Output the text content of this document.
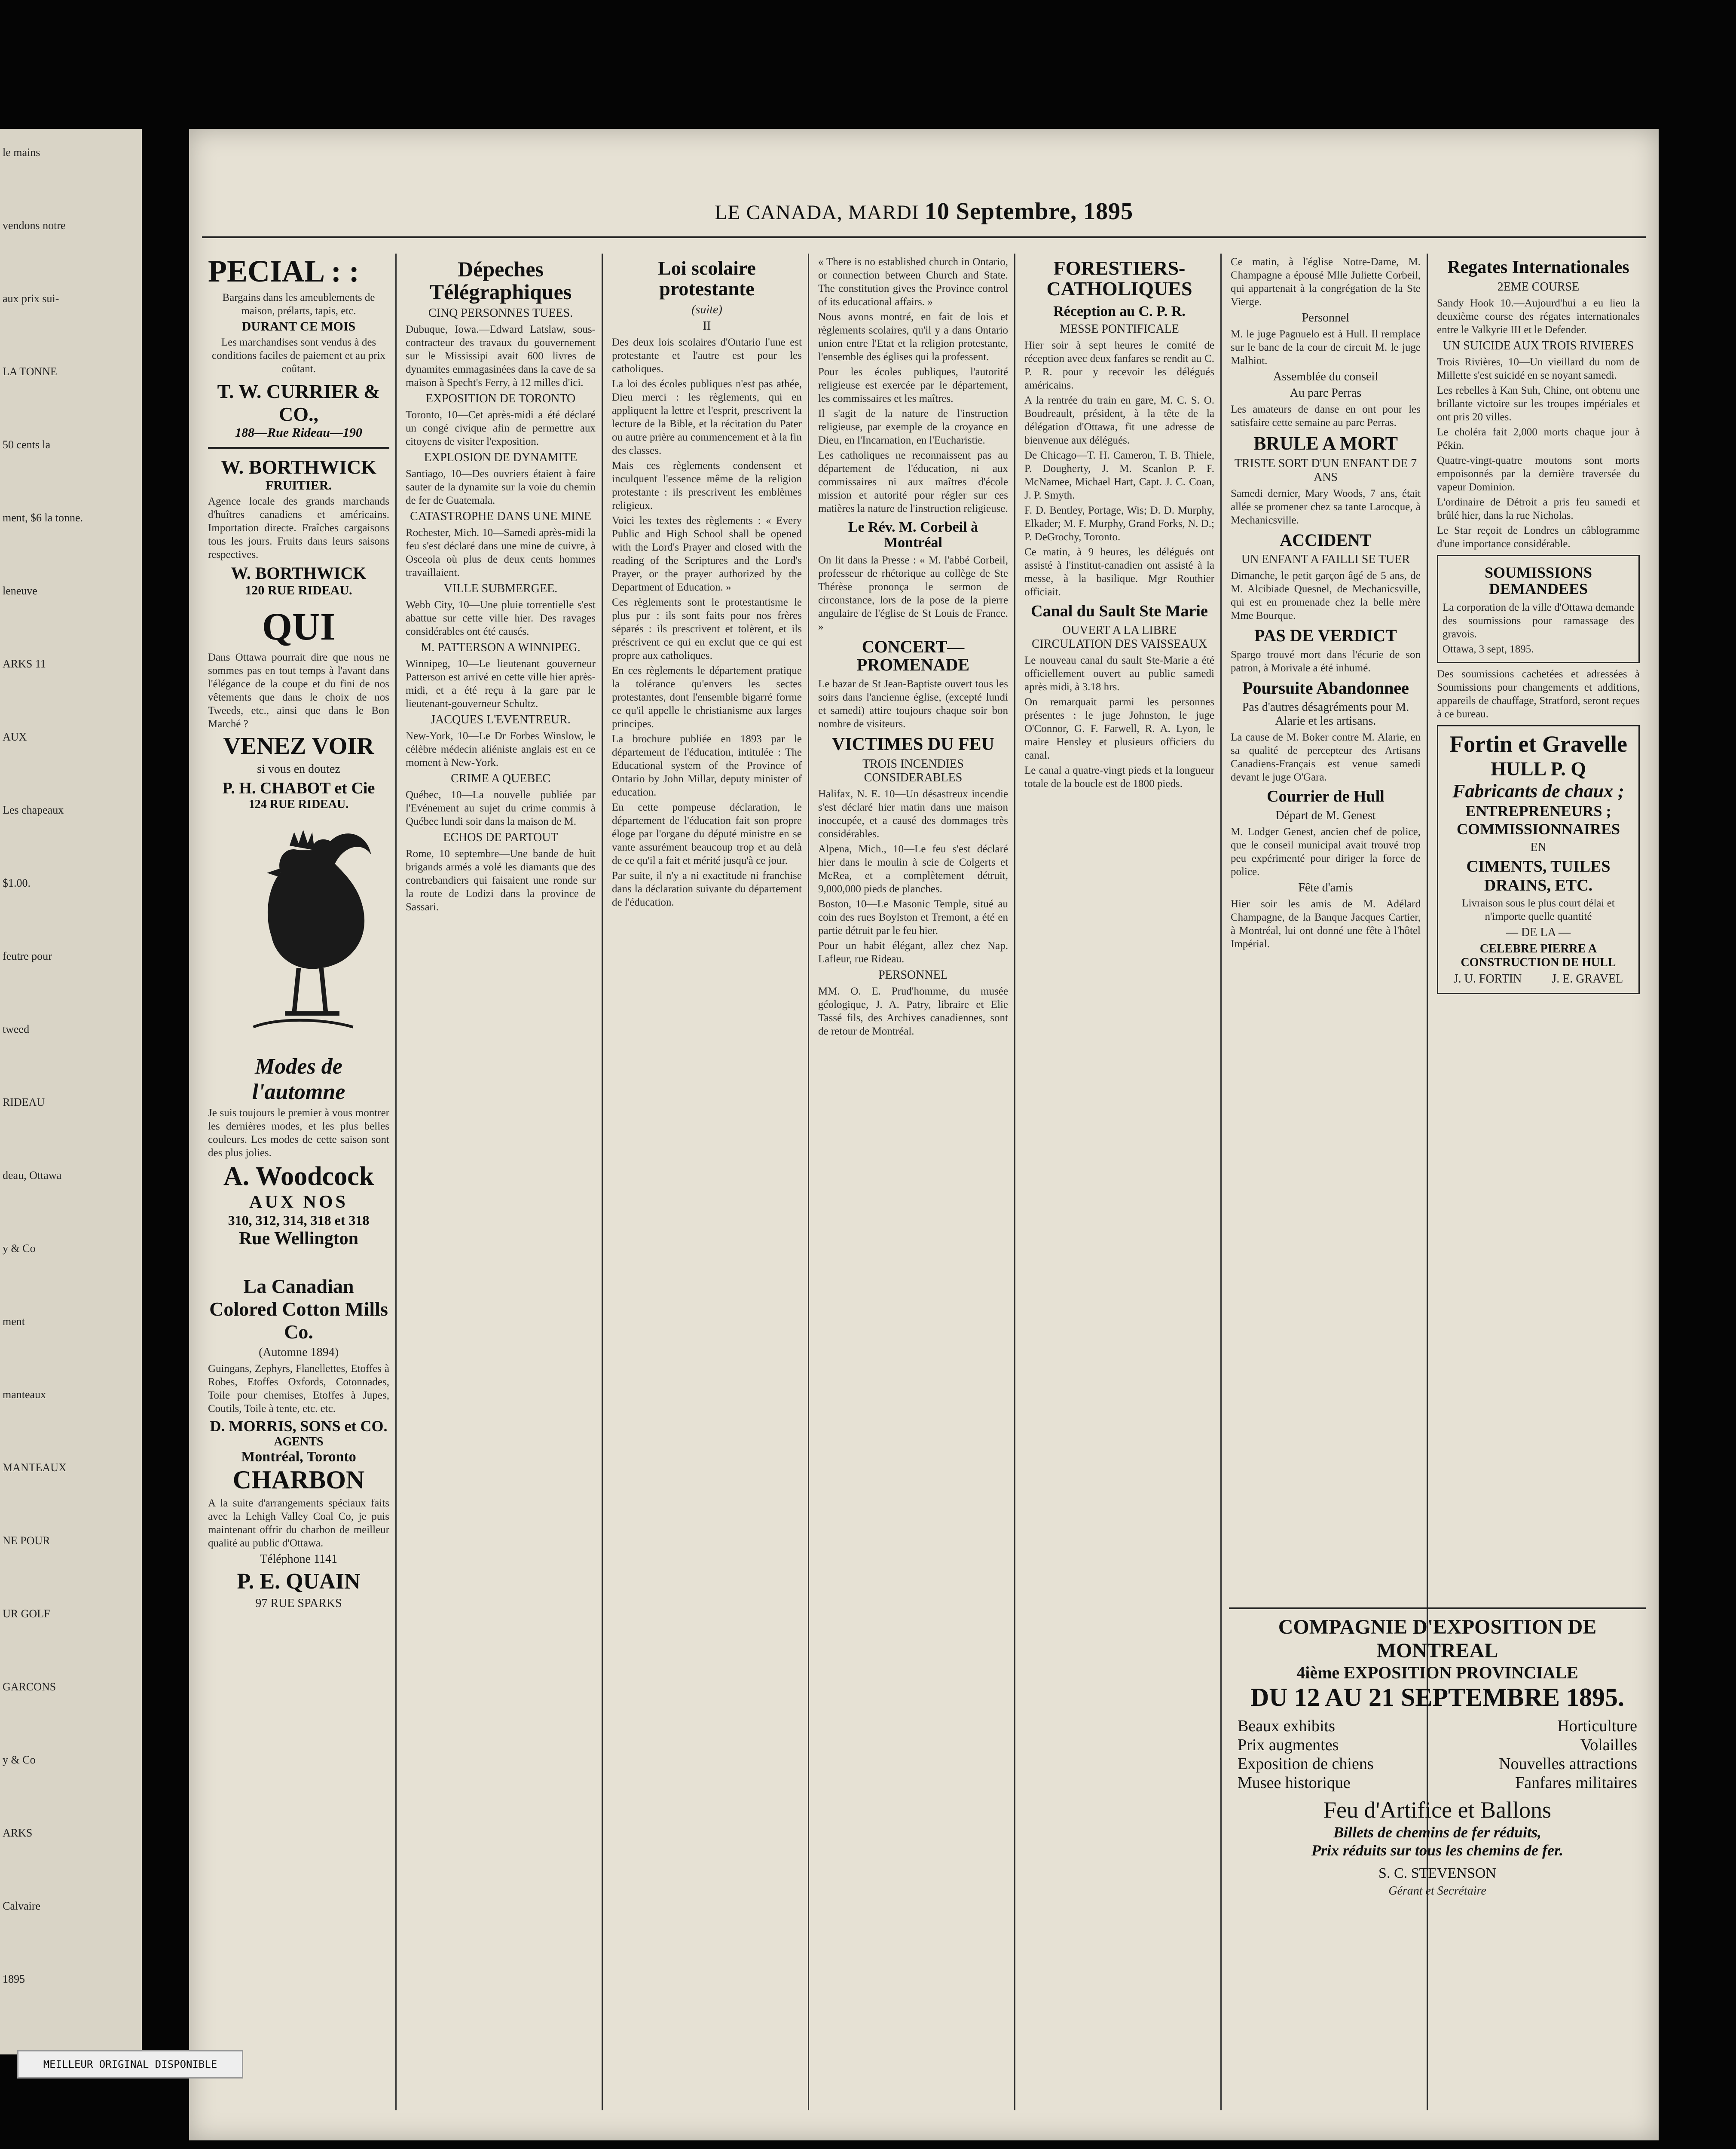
le mains
vendons notre
aux prix sui-
LA TONNE
50 cents la
ment, $6 la tonne.
leneuve
ARKS 11
AUX
Les chapeaux
$1.00.
feutre pour
tweed
RIDEAU
deau, Ottawa
y & Co
ment
manteaux
MANTEAUX
NE POUR
UR GOLF
GARCONS
y & Co
ARKS
Calvaire
1895
LE CANADA, MARDI 10 Septembre, 1895
PECIAL : :
Bargains dans les ameublements de maison, prélarts, tapis, etc.
DURANT CE MOIS
Les marchandises sont vendus à des conditions faciles de paiement et au prix coûtant.
T. W. CURRIER & CO.,
188—Rue Rideau—190
W. BORTHWICK
FRUITIER.
Agence locale des grands marchands d'huîtres canadiens et américains. Importation directe. Fraîches cargaisons tous les jours. Fruits dans leurs saisons respectives.
W. BORTHWICK
120 RUE RIDEAU.
QUI
Dans Ottawa pourrait dire que nous ne sommes pas en tout temps à l'avant dans l'élégance de la coupe et du fini de nos vêtements que dans le choix de nos Tweeds, etc., ainsi que dans le Bon Marché ?
VENEZ VOIR
si vous en doutez
P. H. CHABOT et Cie
124 RUE RIDEAU.
Modes de l'automne
Je suis toujours le premier à vous montrer les dernières modes, et les plus belles couleurs. Les modes de cette saison sont des plus jolies.
A. Woodcock
AUX NOS
310, 312, 314, 318 et 318
Rue Wellington
La Canadian Colored Cotton Mills Co.
(Automne 1894)
Guingans, Zephyrs, Flanellettes, Etoffes à Robes, Etoffes Oxfords, Cotonnades, Toile pour chemises, Etoffes à Jupes, Coutils, Toile à tente, etc. etc.
D. MORRIS, SONS et CO.
AGENTS
Montréal, Toronto
CHARBON
A la suite d'arrangements spéciaux faits avec la Lehigh Valley Coal Co, je puis maintenant offrir du charbon de meilleur qualité au public d'Ottawa.
Téléphone 1141
P. E. QUAIN
97 RUE SPARKS
Dépeches Télégraphiques
CINQ PERSONNES TUEES.
Dubuque, Iowa.—Edward Latslaw, sous-contracteur des travaux du gouvernement sur le Mississipi avait 600 livres de dynamites emmagasinées dans la cave de sa maison à Specht's Ferry, à 12 milles d'ici.
EXPOSITION DE TORONTO
Toronto, 10—Cet après-midi a été déclaré un congé civique afin de permettre aux citoyens de visiter l'exposition.
EXPLOSION DE DYNAMITE
Santiago, 10—Des ouvriers étaient à faire sauter de la dynamite sur la voie du chemin de fer de Guatemala.
CATASTROPHE DANS UNE MINE
Rochester, Mich. 10—Samedi après-midi la feu s'est déclaré dans une mine de cuivre, à Osceola où plus de deux cents hommes travaillaient.
VILLE SUBMERGEE.
Webb City, 10—Une pluie torrentielle s'est abattue sur cette ville hier. Des ravages considérables ont été causés.
M. PATTERSON A WINNIPEG.
Winnipeg, 10—Le lieutenant gouverneur Patterson est arrivé en cette ville hier après-midi, et a été reçu à la gare par le lieutenant-gouverneur Schultz.
JACQUES L'EVENTREUR.
New-York, 10—Le Dr Forbes Winslow, le célèbre médecin aliéniste anglais est en ce moment à New-York.
CRIME A QUEBEC
Québec, 10—La nouvelle publiée par l'Evénement au sujet du crime commis à Québec lundi soir dans la maison de M.
ECHOS DE PARTOUT
Rome, 10 septembre—Une bande de huit brigands armés a volé les diamants que des contrebandiers qui faisaient une ronde sur la route de Lodizi dans la province de Sassari.
Loi scolaire protestante
(suite)
II
Des deux lois scolaires d'Ontario l'une est protestante et l'autre est pour les catholiques.
La loi des écoles publiques n'est pas athée, Dieu merci : les règlements, qui en appliquent la lettre et l'esprit, prescrivent la lecture de la Bible, et la récitation du Pater ou autre prière au commencement et à la fin des classes.
Mais ces règlements condensent et inculquent l'essence même de la religion protestante : ils prescrivent les emblèmes religieux.
Voici les textes des règlements : « Every Public and High School shall be opened with the Lord's Prayer and closed with the reading of the Scriptures and the Lord's Prayer, or the prayer authorized by the Department of Education. »
Ces règlements sont le protestantisme le plus pur : ils sont faits pour nos frères séparés : ils prescrivent et tolèrent, et ils préscrivent ce qui en exclut que ce qui est propre aux catholiques.
En ces règlements le département pratique la tolérance qu'envers les sectes protestantes, dont l'ensemble bigarré forme ce qu'il appelle le christianisme aux larges principes.
La brochure publiée en 1893 par le département de l'éducation, intitulée : The Educational system of the Province of Ontario by John Millar, deputy minister of education.
En cette pompeuse déclaration, le département de l'éducation fait son propre éloge par l'organe du député ministre en se vante assurément beaucoup trop et au delà de ce qu'il a fait et mérité jusqu'à ce jour.
Par suite, il n'y a ni exactitude ni franchise dans la déclaration suivante du département de l'éducation.
« There is no established church in Ontario, or connection between Church and State. The constitution gives the Province control of its educational affairs. »
Nous avons montré, en fait de lois et règlements scolaires, qu'il y a dans Ontario union entre l'Etat et la religion protestante, l'ensemble des églises qui la professent.
Pour les écoles publiques, l'autorité religieuse est exercée par le département, les commissaires et les maîtres.
Il s'agit de la nature de l'instruction religieuse, par exemple de la croyance en Dieu, en l'Incarnation, en l'Eucharistie.
Les catholiques ne reconnaissent pas au département de l'éducation, ni aux commissaires ni aux maîtres d'école mission et autorité pour régler sur ces matières la nature de l'instruction religieuse.
Le Rév. M. Corbeil à Montréal
On lit dans la Presse : « M. l'abbé Corbeil, professeur de rhétorique au collège de Ste Thérèse prononça le sermon de circonstance, lors de la pose de la pierre angulaire de l'église de St Louis de France. »
CONCERT—PROMENADE
Le bazar de St Jean-Baptiste ouvert tous les soirs dans l'ancienne église, (excepté lundi et samedi) attire toujours chaque soir bon nombre de visiteurs.
VICTIMES DU FEU
TROIS INCENDIES CONSIDERABLES
Halifax, N. E. 10—Un désastreux incendie s'est déclaré hier matin dans une maison inoccupée, et a causé des dommages très considérables.
Alpena, Mich., 10—Le feu s'est déclaré hier dans le moulin à scie de Colgerts et McRea, et a complètement détruit, 9,000,000 pieds de planches.
Boston, 10—Le Masonic Temple, situé au coin des rues Boylston et Tremont, a été en partie détruit par le feu hier.
Pour un habit élégant, allez chez Nap. Lafleur, rue Rideau.
PERSONNEL
MM. O. E. Prud'homme, du musée géologique, J. A. Patry, libraire et Elie Tassé fils, des Archives canadiennes, sont de retour de Montréal.
FORESTIERS-CATHOLIQUES
Réception au C. P. R.
MESSE PONTIFICALE
Hier soir à sept heures le comité de réception avec deux fanfares se rendit au C. P. R. pour y recevoir les délégués américains.
A la rentrée du train en gare, M. C. S. O. Boudreault, président, à la tête de la délégation d'Ottawa, fit une adresse de bienvenue aux délégués.
De Chicago—T. H. Cameron, T. B. Thiele, P. Dougherty, J. M. Scanlon P. F. McNamee, Michael Hart, Capt. J. C. Coan, J. P. Smyth.
F. D. Bentley, Portage, Wis; D. D. Murphy, Elkader; M. F. Murphy, Grand Forks, N. D.; P. DeGrochy, Toronto.
Ce matin, à 9 heures, les délégués ont assisté à l'institut-canadien ont assisté à la messe, à la basilique. Mgr Routhier officiait.
Canal du Sault Ste Marie
OUVERT A LA LIBRE CIRCULATION DES VAISSEAUX
Le nouveau canal du sault Ste-Marie a été officiellement ouvert au public samedi après midi, à 3.18 hrs.
On remarquait parmi les personnes présentes : le juge Johnston, le juge O'Connor, G. F. Farwell, R. A. Lyon, le maire Hensley et plusieurs officiers du canal.
Le canal a quatre-vingt pieds et la longueur totale de la boucle est de 1800 pieds.
Ce matin, à l'église Notre-Dame, M. Champagne a épousé Mlle Juliette Corbeil, qui appartenait à la congrégation de la Ste Vierge.
Personnel
M. le juge Pagnuelo est à Hull. Il remplace sur le banc de la cour de circuit M. le juge Malhiot.
Assemblée du conseil
Au parc Perras
Les amateurs de danse en ont pour les satisfaire cette semaine au parc Perras.
BRULE A MORT
TRISTE SORT D'UN ENFANT DE 7 ANS
Samedi dernier, Mary Woods, 7 ans, était allée se promener chez sa tante Larocque, à Mechanicsville.
ACCIDENT
UN ENFANT A FAILLI SE TUER
Dimanche, le petit garçon âgé de 5 ans, de M. Alcibiade Quesnel, de Mechanicsville, qui est en promenade chez la belle mère Mme Bourque.
PAS DE VERDICT
Spargo trouvé mort dans l'écurie de son patron, à Morivale a été inhumé.
Poursuite Abandonnee
Pas d'autres désagréments pour M. Alarie et les artisans.
La cause de M. Boker contre M. Alarie, en sa qualité de percepteur des Artisans Canadiens-Français est venue samedi devant le juge O'Gara.
Courrier de Hull
Départ de M. Genest
M. Lodger Genest, ancien chef de police, que le conseil municipal avait trouvé trop peu expérimenté pour diriger la force de police.
Fête d'amis
Hier soir les amis de M. Adélard Champagne, de la Banque Jacques Cartier, à Montréal, lui ont donné une fête à l'hôtel Impérial.
Regates Internationales
2EME COURSE
Sandy Hook 10.—Aujourd'hui a eu lieu la deuxième course des régates internationales entre le Valkyrie III et le Defender.
UN SUICIDE AUX TROIS RIVIERES
Trois Rivières, 10—Un vieillard du nom de Millette s'est suicidé en se noyant samedi.
Les rebelles à Kan Suh, Chine, ont obtenu une brillante victoire sur les troupes impériales et ont pris 20 villes.
Le choléra fait 2,000 morts chaque jour à Pékin.
Quatre-vingt-quatre moutons sont morts empoisonnés par la dernière traversée du vapeur Dominion.
L'ordinaire de Détroit a pris feu samedi et brûlé hier, dans la rue Nicholas.
Le Star reçoit de Londres un câblogramme d'une importance considérable.
SOUMISSIONS DEMANDEES
La corporation de la ville d'Ottawa demande des soumissions pour ramassage des gravois.
Ottawa, 3 sept, 1895.
Des soumissions cachetées et adressées à Soumissions pour changements et additions, appareils de chauffage, Stratford, seront reçues à ce bureau.
Fortin et Gravelle
HULL P. Q
Fabricants de chaux ;
ENTREPRENEURS ; COMMISSIONNAIRES
EN
CIMENTS, TUILES DRAINS, ETC.
Livraison sous le plus court délai et n'importe quelle quantité
— DE LA —
CELEBRE PIERRE A CONSTRUCTION DE HULL
J. U. FORTIN          J. E. GRAVEL
COMPAGNIE D'EXPOSITION DE MONTREAL
4ième EXPOSITION PROVINCIALE
DU 12 AU 21 SEPTEMBRE 1895.
Beaux exhibits
Prix augmentes
Exposition de chiens
Musee historique
Horticulture
Volailles
Nouvelles attractions
Fanfares militaires
Feu d'Artifice et Ballons
Billets de chemins de fer réduits,
Prix réduits sur tous les chemins de fer.
S. C. STEVENSON
Gérant et Secrétaire
MEILLEUR ORIGINAL DISPONIBLE
